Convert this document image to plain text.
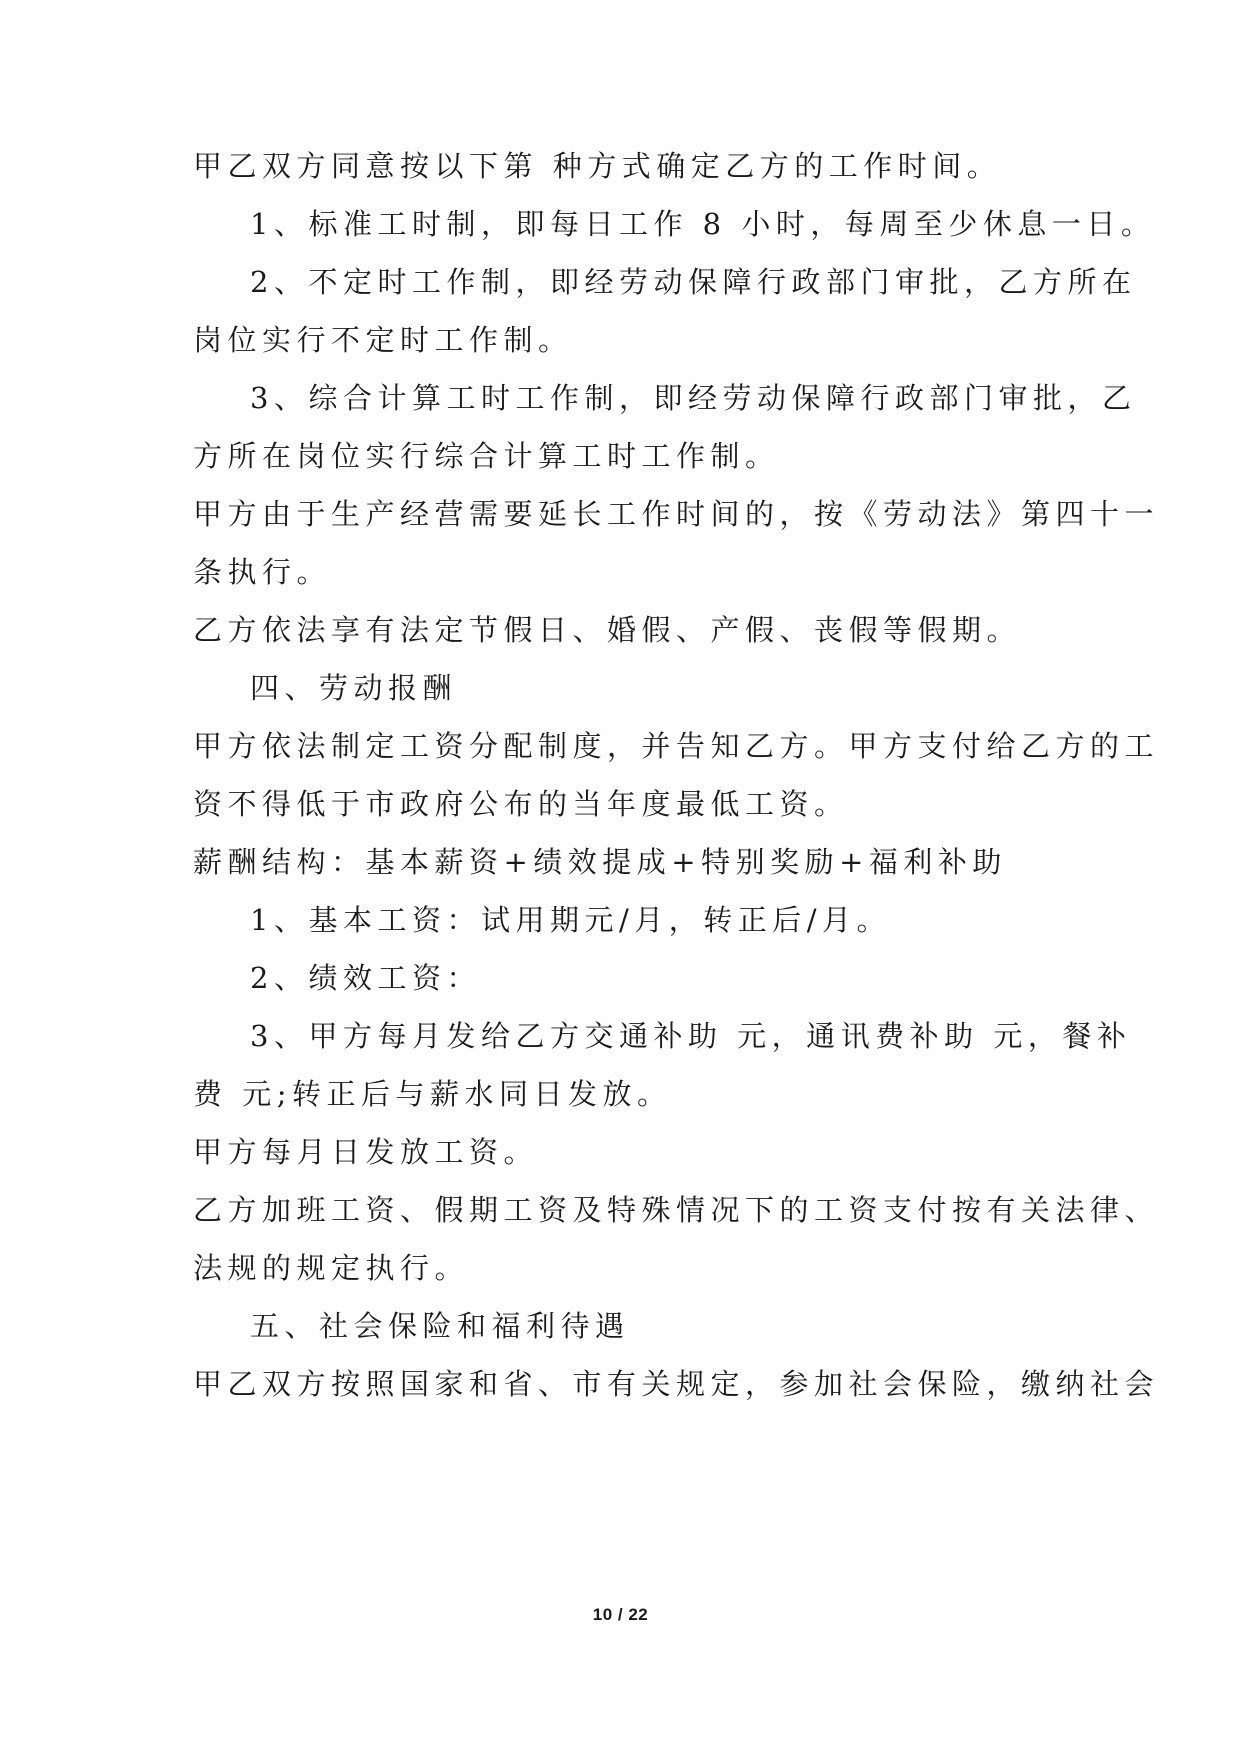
甲乙双方同意按以下第 种方式确定乙方的工作时间。
1、标准工时制，即每日工作 8 小时，每周至少休息一日。
2、不定时工作制，即经劳动保障行政部门审批，乙方所在
岗位实行不定时工作制。
3、综合计算工时工作制，即经劳动保障行政部门审批，乙
方所在岗位实行综合计算工时工作制。
甲方由于生产经营需要延长工作时间的，按《劳动法》第四十一
条执行。
乙方依法享有法定节假日、婚假、产假、丧假等假期。
四、劳动报酬
甲方依法制定工资分配制度，并告知乙方。甲方支付给乙方的工
资不得低于市政府公布的当年度最低工资。
薪酬结构：基本薪资+绩效提成+特别奖励+福利补助
1、基本工资：试用期元/月，转正后/月。
2、绩效工资：
3、甲方每月发给乙方交通补助 元，通讯费补助 元，餐补
费 元;转正后与薪水同日发放。
甲方每月日发放工资。
乙方加班工资、假期工资及特殊情况下的工资支付按有关法律、
法规的规定执行。
五、社会保险和福利待遇
甲乙双方按照国家和省、市有关规定，参加社会保险，缴纳社会
10 / 22
